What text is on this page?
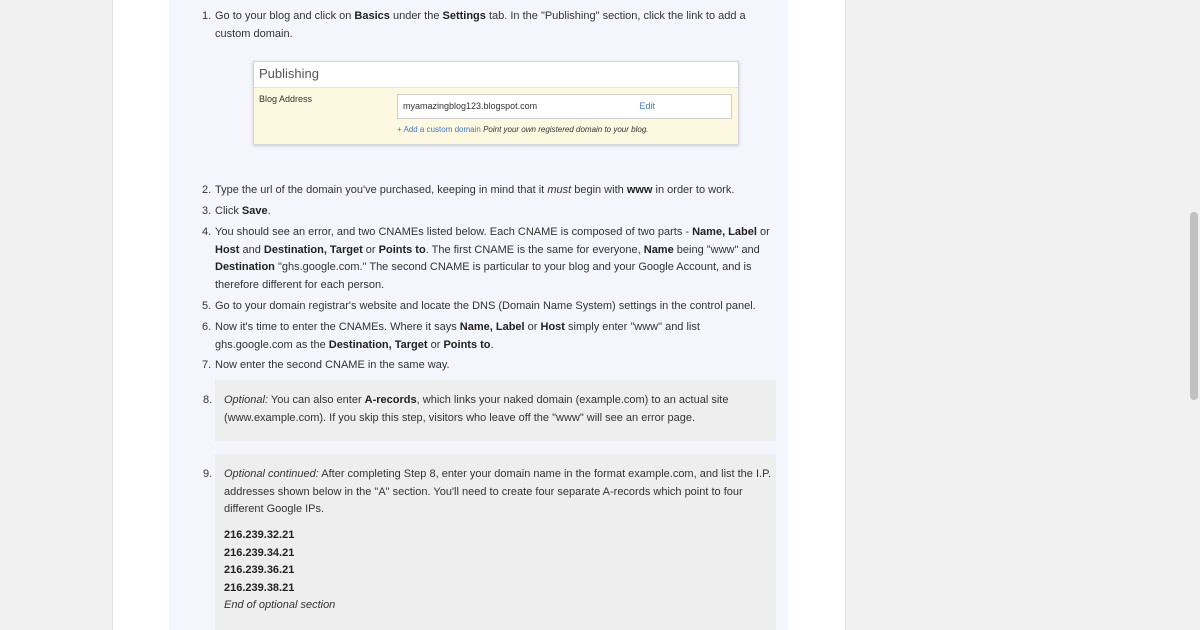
1. Go to your blog and click on Basics under the Settings tab. In the "Publishing" section, click the link to add a custom domain.
Publishing
Blog Address
myamazingblog123.blogspot.com	Edit
+ Add a custom domain Point your own registered domain to your blog.
2. Type the url of the domain you've purchased, keeping in mind that it must begin with www in order to work.
3. Click Save.
4. You should see an error, and two CNAMEs listed below. Each CNAME is composed of two parts - Name, Label or Host and Destination, Target or Points to. The first CNAME is the same for everyone, Name being "www" and Destination "ghs.google.com." The second CNAME is particular to your blog and your Google Account, and is therefore different for each person.
5. Go to your domain registrar's website and locate the DNS (Domain Name System) settings in the control panel.
6. Now it's time to enter the CNAMEs. Where it says Name, Label or Host simply enter "www" and list ghs.google.com as the Destination, Target or Points to.
7. Now enter the second CNAME in the same way.
8.	Optional: You can also enter A-records, which links your naked domain (example.com) to an actual site (www.example.com). If you skip this step, visitors who leave off the "www" will see an error page.
9.	Optional continued: After completing Step 8, enter your domain name in the format example.com, and list the I.P. addresses shown below in the "A" section. You'll need to create four separate A-records which point to four different Google IPs.
216.239.32.21
216.239.34.21
216.239.36.21
216.239.38.21
End of optional section
